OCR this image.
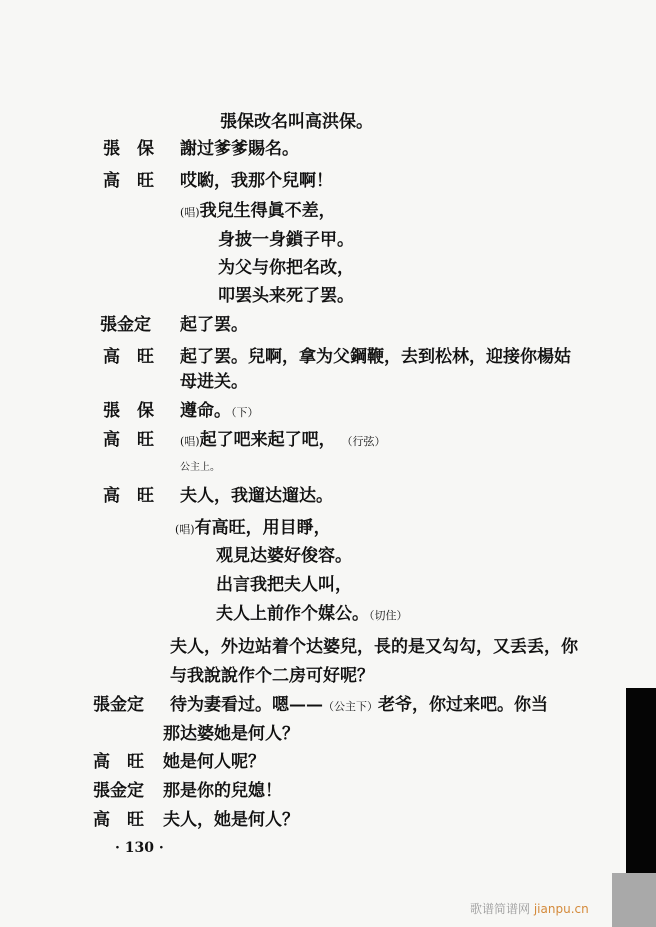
張保改名叫高洪保。
張　保 謝过爹爹賜名。
高　旺 哎喲，我那个兒啊！
(唱)我兒生得眞不差，
身披一身鎖子甲。
为父与你把名改，
叩罢头来死了罢。
張金定 起了罢。
高　旺 起了罢。兒啊，拿为父鋼鞭，去到松林，迎接你楊姑
母进关。
張　保 遵命。（下）
高　旺 (唱)起了吧来起了吧， （行弦）
公主上。
高　旺 夫人，我遛达遛达。
(唱)有高旺，用目睜，
观見达婆好俊容。
出言我把夫人叫，
夫人上前作个媒公。（切住）
夫人，外边站着个达婆兒，長的是又勾勾，又丢丢，你
与我說說作个二房可好呢？
張金定 待为妻看过。嗯——（公主下）老爷，你过来吧。你当
那达婆她是何人？
高　旺 她是何人呢？
張金定 那是你的兒媳！
高　旺 夫人，她是何人？
· 130 ·
歌谱简谱网 jianpu.cn
